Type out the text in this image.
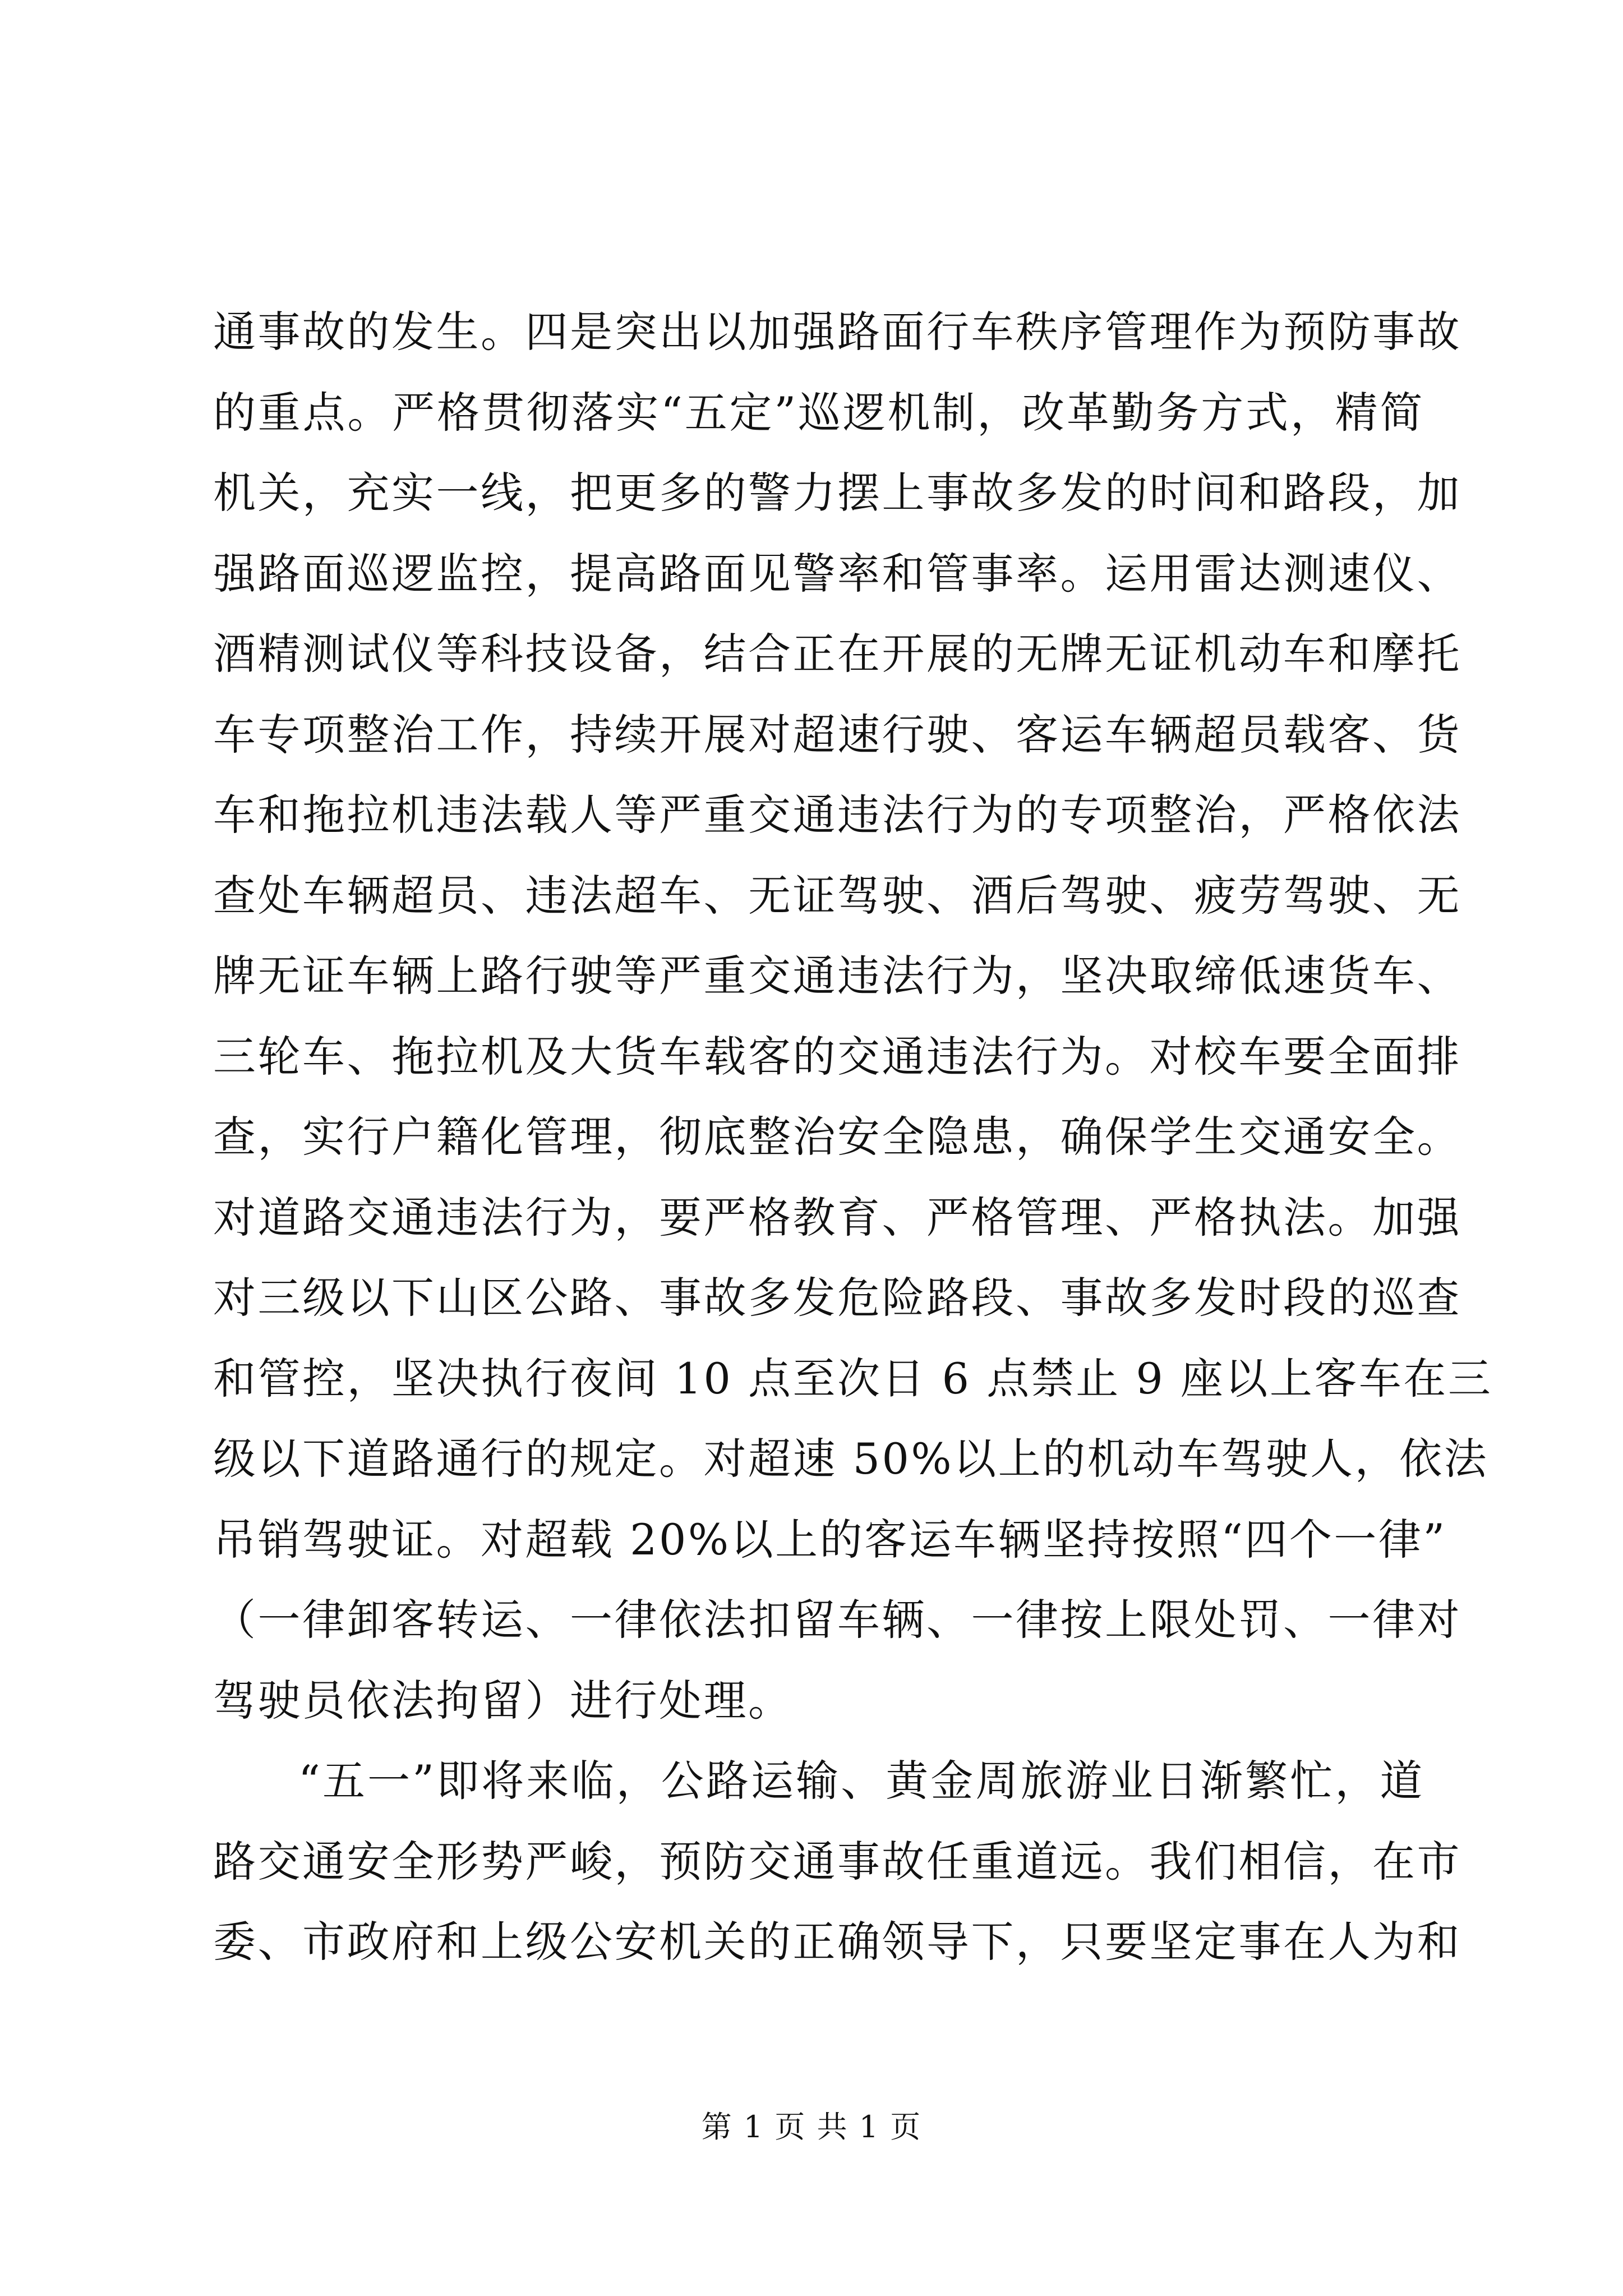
通事故的发生。四是突出以加强路面行车秩序管理作为预防事故
的重点。严格贯彻落实“五定”巡逻机制，改革勤务方式，精简
机关，充实一线，把更多的警力摆上事故多发的时间和路段，加
强路面巡逻监控，提高路面见警率和管事率。运用雷达测速仪、
酒精测试仪等科技设备，结合正在开展的无牌无证机动车和摩托
车专项整治工作，持续开展对超速行驶、客运车辆超员载客、货
车和拖拉机违法载人等严重交通违法行为的专项整治，严格依法
查处车辆超员、违法超车、无证驾驶、酒后驾驶、疲劳驾驶、无
牌无证车辆上路行驶等严重交通违法行为，坚决取缔低速货车、
三轮车、拖拉机及大货车载客的交通违法行为。对校车要全面排
查，实行户籍化管理，彻底整治安全隐患，确保学生交通安全。
对道路交通违法行为，要严格教育、严格管理、严格执法。加强
对三级以下山区公路、事故多发危险路段、事故多发时段的巡查
和管控，坚决执行夜间 10 点至次日 6 点禁止 9 座以上客车在三
级以下道路通行的规定。对超速 50%以上的机动车驾驶人，依法
吊销驾驶证。对超载 20%以上的客运车辆坚持按照“四个一律”
（一律卸客转运、一律依法扣留车辆、一律按上限处罚、一律对
驾驶员依法拘留）进行处理。
“五一”即将来临，公路运输、黄金周旅游业日渐繁忙，道
路交通安全形势严峻，预防交通事故任重道远。我们相信，在市
委、市政府和上级公安机关的正确领导下，只要坚定事在人为和
第 1 页 共 1 页
